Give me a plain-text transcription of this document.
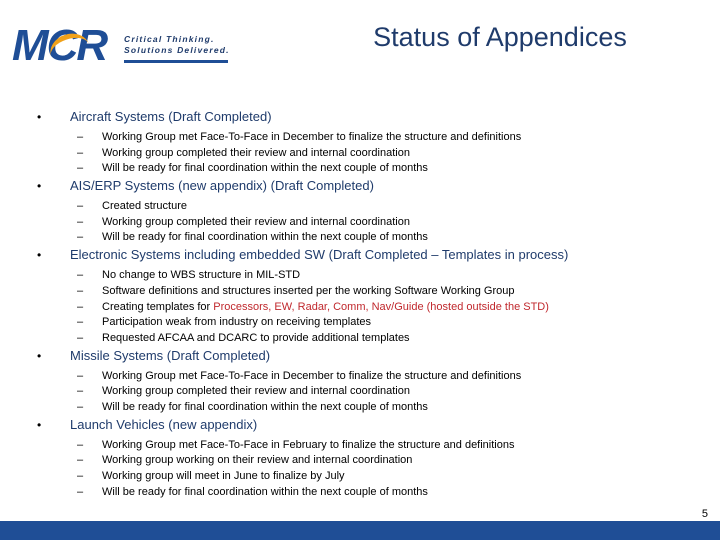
MCR Critical Thinking.
Solutions Delivered.	Status of Appendices
•	Aircraft Systems (Draft Completed)
– Working Group met Face-To-Face in December to finalize the structure and definitions
– Working group completed their review and internal coordination
– Will be ready for final coordination within the next couple of months
•	AIS/ERP Systems (new appendix) (Draft Completed)
– Created structure
– Working group completed their review and internal coordination
– Will be ready for final coordination within the next couple of months
•	Electronic Systems including embedded SW (Draft Completed – Templates in process)
– No change to WBS structure in MIL-STD
– Software definitions and structures inserted per the working Software Working Group
– Creating templates for Processors, EW, Radar, Comm, Nav/Guide (hosted outside the STD)
– Participation weak from industry on receiving templates
– Requested AFCAA and DCARC to provide additional templates
•	Missile Systems (Draft Completed)
– Working Group met Face-To-Face in December to finalize the structure and definitions
– Working group completed their review and internal coordination
– Will be ready for final coordination within the next couple of months
•	Launch Vehicles (new appendix)
– Working Group met Face-To-Face in February to finalize the structure and definitions
– Working group working on their review and internal coordination
– Working group will meet in June to finalize by July
– Will be ready for final coordination within the next couple of months
5
